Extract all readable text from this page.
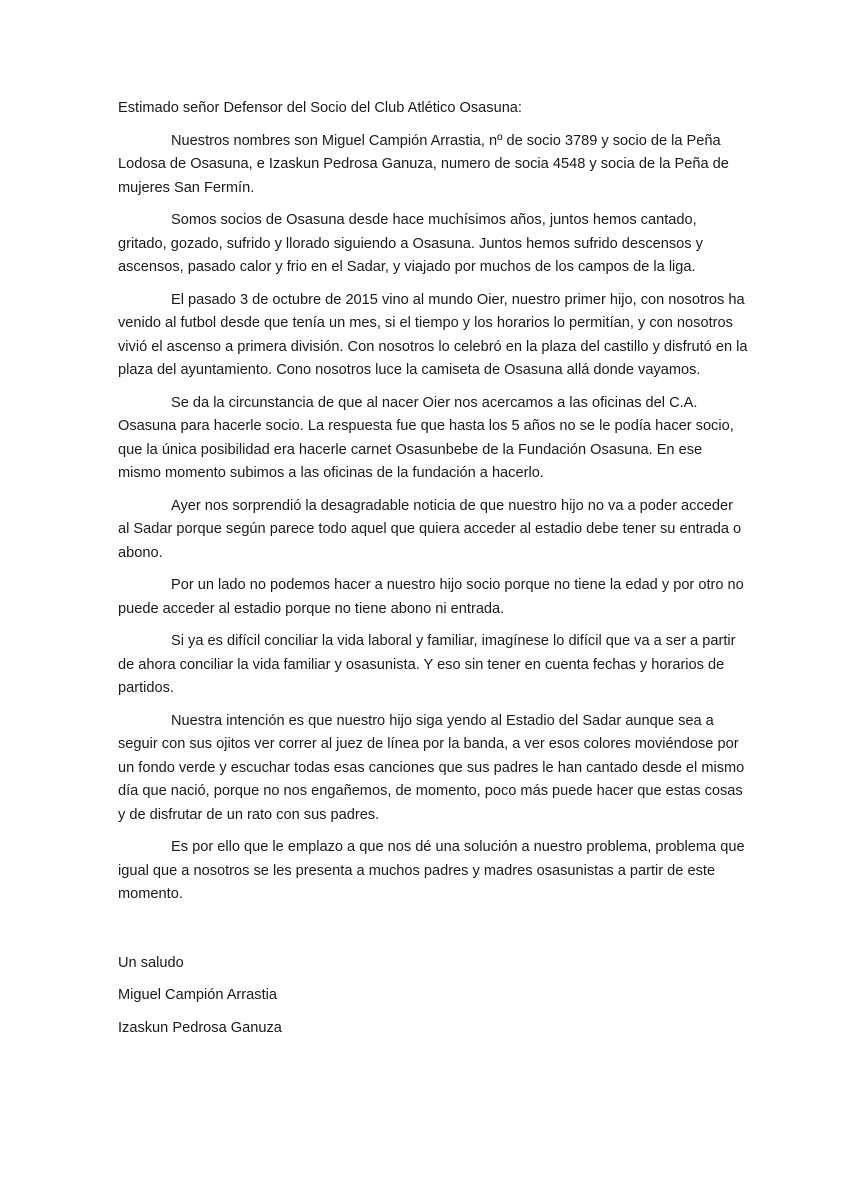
Estimado señor Defensor del Socio del Club Atlético Osasuna:

Nuestros nombres son Miguel Campión Arrastia, nº de socio 3789 y socio de la Peña Lodosa de Osasuna, e Izaskun Pedrosa Ganuza, numero de socia 4548 y socia de la Peña de mujeres San Fermín.

Somos socios de Osasuna desde hace muchísimos años, juntos hemos cantado, gritado, gozado, sufrido y llorado siguiendo a Osasuna. Juntos hemos sufrido descensos y ascensos, pasado calor y frio en el Sadar, y viajado por muchos de los campos de la liga.

El pasado 3 de octubre de 2015 vino al mundo Oier, nuestro primer hijo, con nosotros ha venido al futbol desde que tenía un mes, si el tiempo y los horarios lo permitían, y con nosotros vivió el ascenso a primera división. Con nosotros lo celebró en la plaza del castillo y disfrutó en la plaza del ayuntamiento. Cono nosotros luce la camiseta de Osasuna allá donde vayamos.

Se da la circunstancia de que al nacer Oier nos acercamos a las oficinas del C.A. Osasuna para hacerle socio. La respuesta fue que hasta los 5 años no se le podía hacer socio, que la única posibilidad era hacerle carnet Osasunbebe de la Fundación Osasuna. En ese mismo momento subimos a las oficinas de la fundación a hacerlo.

Ayer nos sorprendió la desagradable noticia de que nuestro hijo no va a poder acceder al Sadar porque según parece todo aquel que quiera acceder al estadio debe tener su entrada o abono.

Por un lado no podemos hacer a nuestro hijo socio porque no tiene la edad y por otro no puede acceder al estadio porque no tiene abono ni entrada.

Si ya es difícil conciliar la vida laboral y familiar, imagínese lo difícil que va a ser a partir de ahora conciliar la vida familiar y osasunista. Y eso sin tener en cuenta fechas y horarios de partidos.

Nuestra intención es que nuestro hijo siga yendo al Estadio del Sadar aunque sea a seguir con sus ojitos ver correr al juez de línea por la banda, a ver esos colores moviéndose por un fondo verde y escuchar todas esas canciones que sus padres le han cantado desde el mismo día que nació, porque no nos engañemos, de momento, poco más puede hacer que estas cosas y de disfrutar de un rato con sus padres.

Es por ello que le emplazo a que nos dé una solución a nuestro problema, problema que igual que a nosotros se les presenta a muchos padres y madres osasunistas a partir de este momento.

Un saludo

Miguel Campión Arrastia

Izaskun Pedrosa Ganuza
